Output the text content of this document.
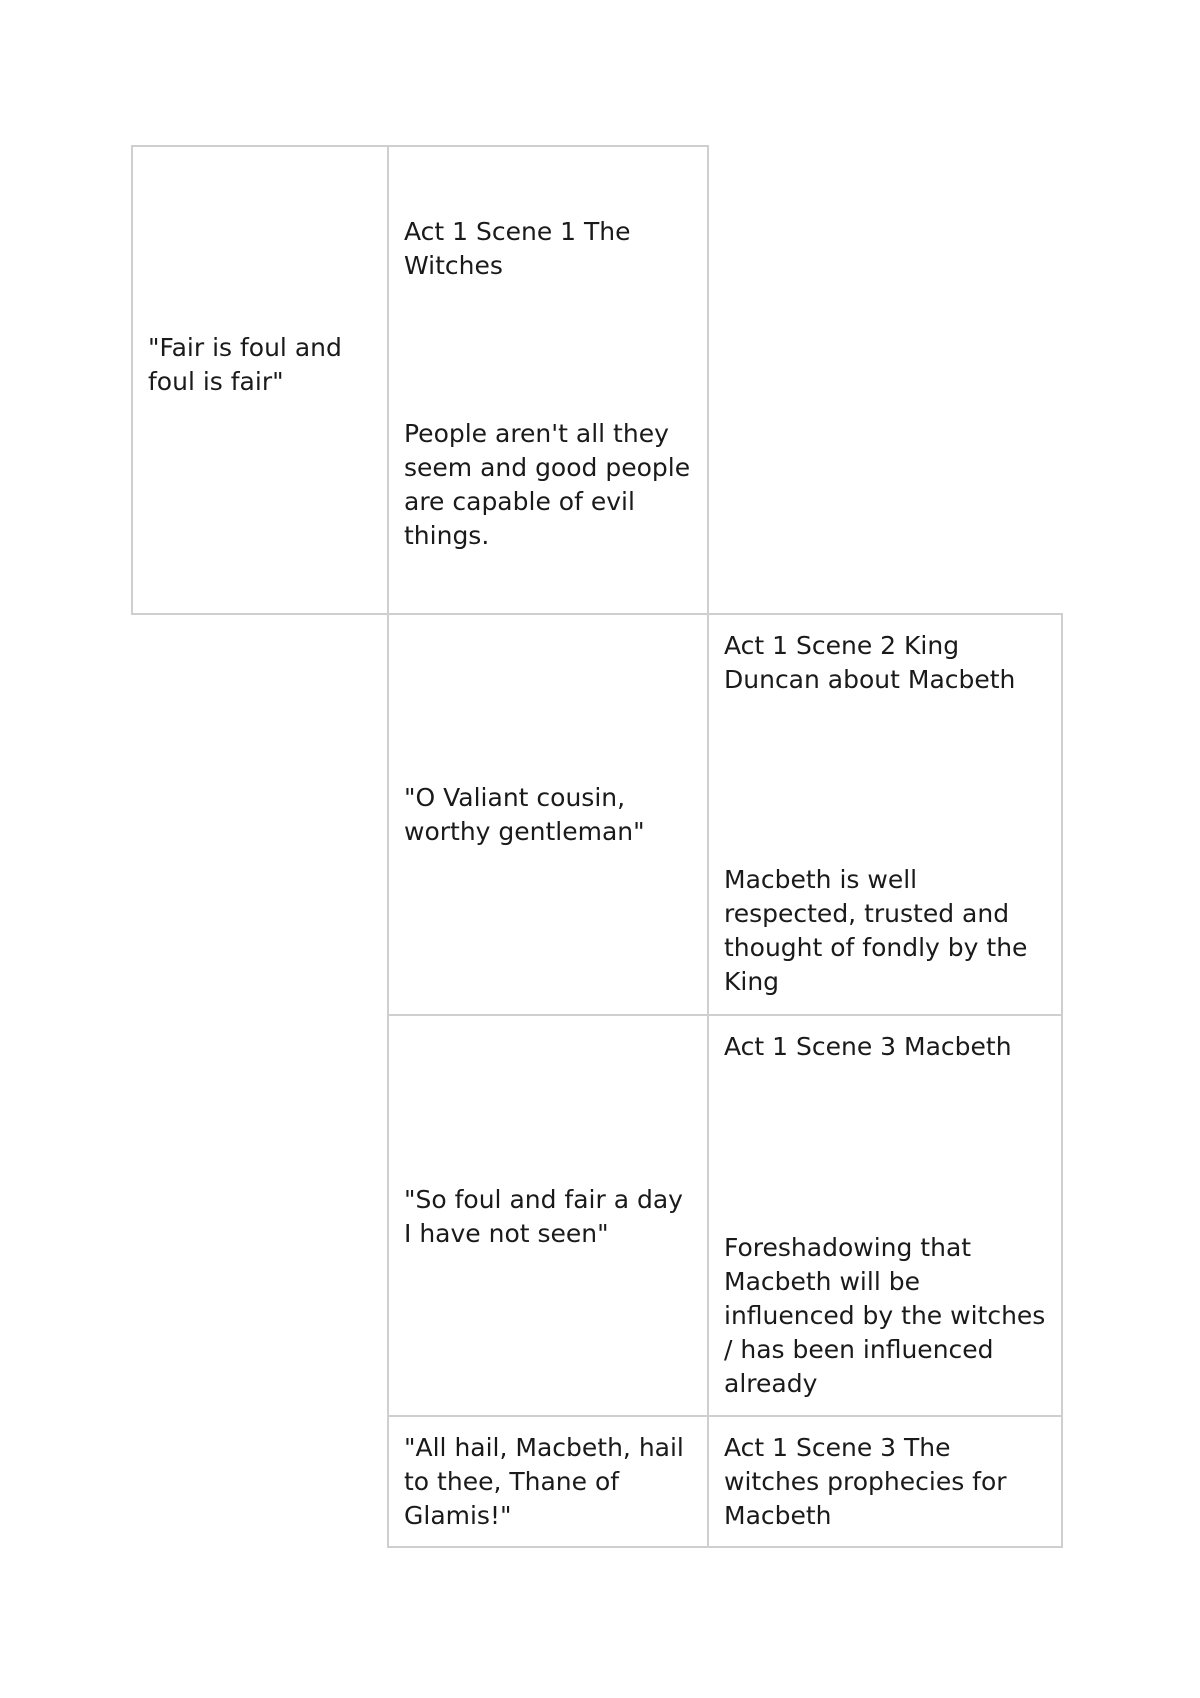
"Fair is foul and foul is fair"

Act 1 Scene 1 The Witches

People aren't all they seem and good people are capable of evil things.

"O Valiant cousin, worthy gentleman"

Act 1 Scene 2 King Duncan about Macbeth

Macbeth is well respected, trusted and thought of fondly by the King

"So foul and fair a day I have not seen"

Act 1 Scene 3 Macbeth

Foreshadowing that Macbeth will be influenced by the witches / has been influenced already

"All hail, Macbeth, hail to thee, Thane of Glamis!"

Act 1 Scene 3 The witches prophecies for Macbeth
